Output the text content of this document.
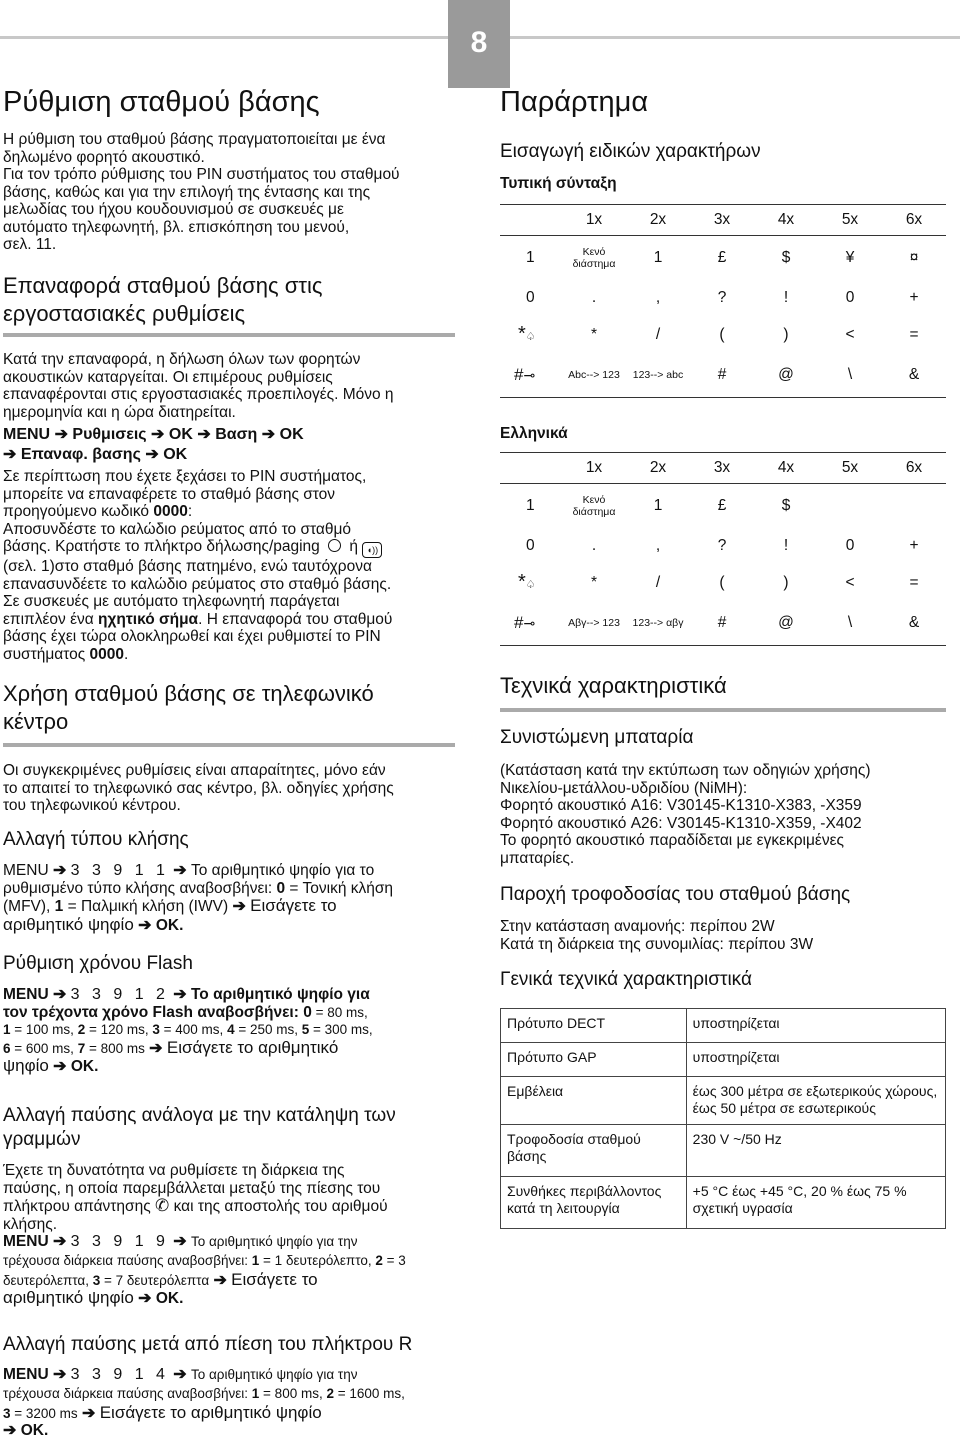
8
Ρύθμιση σταθμού βάσης
Η ρύθμιση του σταθμού βάσης πραγματοποιείται με ένα
δηλωμένο φορητό ακουστικό.
Για τον τρόπο ρύθμισης του PIN συστήματος του σταθμού
βάσης, καθώς και για την επιλογή της έντασης και της
μελωδίας του ήχου κουδουνισμού σε συσκευές με
αυτόματο τηλεφωνητή, βλ. επισκόπηση του μενού,
σελ. 11.
Επαναφορά σταθμού βάσης στις
εργοστασιακές ρυθμίσεις
Κατά την επαναφορά, η δήλωση όλων των φορητών
ακουστικών καταργείται. Οι επιμέρους ρυθμίσεις
επαναφέρονται στις εργοστασιακές προεπιλογές. Μόνο η
ημερομηνία και η ώρα διατηρείται.
MENU ➔ Ρυθμισεις ➔ OK ➔ Βαση ➔ OK
➔ Επαναφ. βασης ➔ OK
Σε περίπτωση που έχετε ξεχάσει το PIN συστήματος,
μπορείτε να επαναφέρετε το σταθμό βάσης στον
προηγούμενο κωδικό 0000:
Αποσυνδέστε το καλώδιο ρεύματος από το σταθμό
βάσης. Κρατήστε το πλήκτρο δήλωσης/paging ή ◖))
(σελ. 1)στο σταθμό βάσης πατημένο, ενώ ταυτόχρονα
επανασυνδέετε το καλώδιο ρεύματος στο σταθμό βάσης.
Σε συσκευές με αυτόματο τηλεφωνητή παράγεται
επιπλέον ένα ηχητικό σήμα. Η επαναφορά του σταθμού
βάσης έχει τώρα ολοκληρωθεί και έχει ρυθμιστεί το PIN
συστήματος 0000.
Χρήση σταθμού βάσης σε τηλεφωνικό
κέντρο
Οι συγκεκριμένες ρυθμίσεις είναι απαραίτητες, μόνο εάν
το απαιτεί το τηλεφωνικό σας κέντρο, βλ. οδηγίες χρήσης
του τηλεφωνικού κέντρου.
Αλλαγή τύπου κλήσης
MENU ➔ 3 3 9 1 1 ➔ Το αριθμητικό ψηφίο για το
ρυθμισμένο τύπο κλήσης αναβοσβήνει: 0 = Τονική κλήση
(MFV), 1 = Παλμική κλήση (IWV) ➔ Εισάγετε το
αριθμητικό ψηφίο ➔ OK.
Ρύθμιση χρόνου Flash
MENU ➔ 3 3 9 1 2 ➔ Το αριθμητικό ψηφίο για
τον τρέχοντα χρόνο Flash αναβοσβήνει: 0 = 80 ms,
1 = 100 ms, 2 = 120 ms, 3 = 400 ms, 4 = 250 ms, 5 = 300 ms,
6 = 600 ms, 7 = 800 ms ➔ Εισάγετε το αριθμητικό
ψηφίο ➔ OK.
Αλλαγή παύσης ανάλογα με την κατάληψη των
γραμμών
Έχετε τη δυνατότητα να ρυθμίσετε τη διάρκεια της
παύσης, η οποία παρεμβάλλεται μεταξύ της πίεσης του
πλήκτρου απάντησης ✆ και της αποστολής του αριθμού
κλήσης.
MENU ➔ 3 3 9 1 9 ➔ Το αριθμητικό ψηφίο για την
τρέχουσα διάρκεια παύσης αναβοσβήνει: 1 = 1 δευτερόλεπτο, 2 = 3
δευτερόλεπτα, 3 = 7 δευτερόλεπτα ➔ Εισάγετε το
αριθμητικό ψηφίο ➔ OK.
Αλλαγή παύσης μετά από πίεση του πλήκτρου R
MENU ➔ 3 3 9 1 4 ➔ Το αριθμητικό ψηφίο για την
τρέχουσα διάρκεια παύσης αναβοσβήνει: 1 = 800 ms, 2 = 1600 ms,
3 = 3200 ms ➔ Εισάγετε το αριθμητικό ψηφίο
➔ OK.
Παράρτημα
Εισαγωγή ειδικών χαρακτήρων
Τυπική σύνταξη
	1x	2x	3x	4x	5x	6x
1	Κενό διάστημα	1	£	$	¥	¤
0	.	,	?	!	0	+
*♤	*	/	(	)	<	=
#⊸	Abc--> 123	123--> abc	#	@	\	&
Ελληνικά
	1x	2x	3x	4x	5x	6x
1	Κενό διάστημα	1	£	$		
0	.	,	?	!	0	+
*♤	*	/	(	)	<	=
#⊸	Αβγ--> 123	123--> αβγ	#	@	\	&
Τεχνικά χαρακτηριστικά
Συνιστώμενη μπαταρία
(Κατάσταση κατά την εκτύπωση των οδηγιών χρήσης)
Νικελίου-μετάλλου-υδριδίου (NiMH):
Φορητό ακουστικό A16: V30145-K1310-X383, -X359
Φορητό ακουστικό A26: V30145-K1310-X359, -X402
Το φορητό ακουστικό παραδίδεται με εγκεκριμένες
μπαταρίες.
Παροχή τροφοδοσίας του σταθμού βάσης
Στην κατάσταση αναμονής: περίπου 2W
Κατά τη διάρκεια της συνομιλίας: περίπου 3W
Γενικά τεχνικά χαρακτηριστικά
Πρότυπο DECT	υποστηρίζεται
Πρότυπο GAP	υποστηρίζεται
Εμβέλεια	έως 300 μέτρα σε εξωτερικούς χώρους, έως 50 μέτρα σε εσωτερικούς
Τροφοδοσία σταθμού βάσης	230 V ~/50 Hz
Συνθήκες περιβάλλοντος κατά τη λειτουργία	+5 °C έως +45 °C, 20 % έως 75 % σχετική υγρασία
